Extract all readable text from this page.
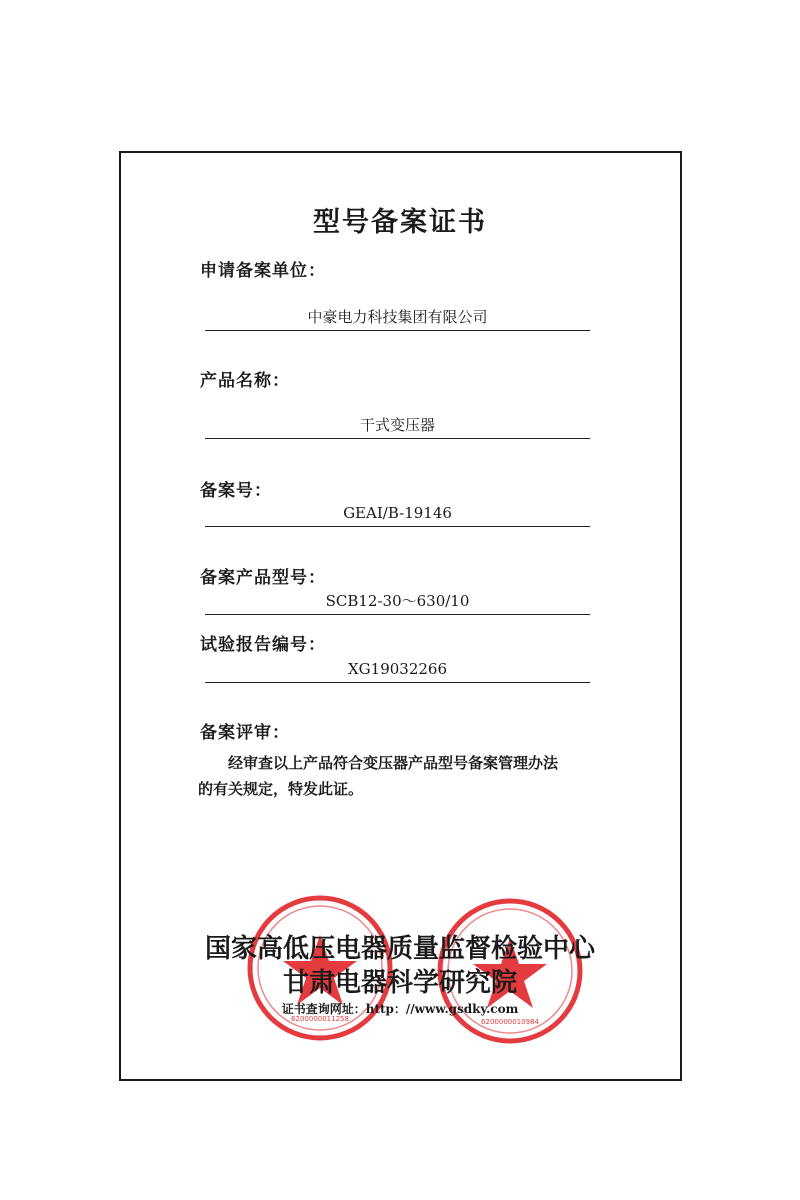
型号备案证书
申请备案单位：
中豪电力科技集团有限公司
产品名称：
干式变压器
备案号：
GEAI/B-19146
备案产品型号：
SCB12-30～630/10
试验报告编号：
XG19032266
备案评审：
经审查以上产品符合变压器产品型号备案管理办法
的有关规定，特发此证。
6200000011258	6200000010984
国家高低压电器质量监督检验中心
甘肃电器科学研究院
证书查询网址：http：//www.gsdky.com
